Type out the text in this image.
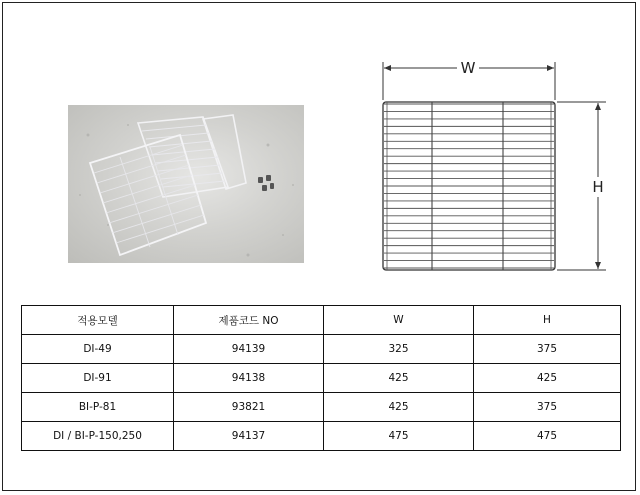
W
H
적용모델	제품코드 NO	W	H
DI-49	94139	325	375
DI-91	94138	425	425
BI-P-81	93821	425	375
DI / BI-P-150,250	94137	475	475
